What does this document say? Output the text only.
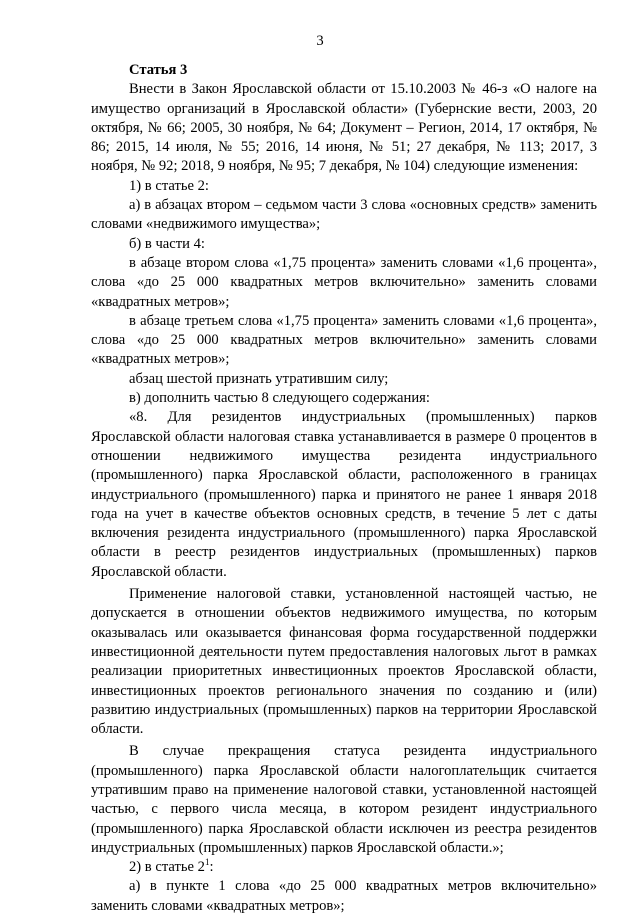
3

Статья 3

Внести в Закон Ярославской области от 15.10.2003 № 46-з «О налоге на имущество организаций в Ярославской области» (Губернские вести, 2003, 20 октября, № 66; 2005, 30 ноября, № 64; Документ – Регион, 2014, 17 октября, № 86; 2015, 14 июля, № 55; 2016, 14 июня, № 51; 27 декабря, № 113; 2017, 3 ноября, № 92; 2018, 9 ноября, № 95; 7 декабря, № 104) следующие изменения:

1) в статье 2:

а) в абзацах втором – седьмом части 3 слова «основных средств» заменить словами «недвижимого имущества»;

б) в части 4:

в абзаце втором слова «1,75 процента» заменить словами «1,6 процента», слова «до 25 000 квадратных метров включительно» заменить словами «квадратных метров»;

в абзаце третьем слова «1,75 процента» заменить словами «1,6 процента», слова «до 25 000 квадратных метров включительно» заменить словами «квадратных метров»;

абзац шестой признать утратившим силу;

в) дополнить частью 8 следующего содержания:

«8. Для резидентов индустриальных (промышленных) парков Ярославской области налоговая ставка устанавливается в размере 0 процентов в отношении недвижимого имущества резидента индустриального (промышленного) парка Ярославской области, расположенного в границах индустриального (промышленного) парка и принятого не ранее 1 января 2018 года на учет в качестве объектов основных средств, в течение 5 лет с даты включения резидента индустриального (промышленного) парка Ярославской области в реестр резидентов индустриальных (промышленных) парков Ярославской области.

Применение налоговой ставки, установленной настоящей частью, не допускается в отношении объектов недвижимого имущества, по которым оказывалась или оказывается финансовая форма государственной поддержки инвестиционной деятельности путем предоставления налоговых льгот в рамках реализации приоритетных инвестиционных проектов Ярославской области, инвестиционных проектов регионального значения по созданию и (или) развитию индустриальных (промышленных) парков на территории Ярославской области.

В случае прекращения статуса резидента индустриального (промышленного) парка Ярославской области налогоплательщик считается утратившим право на применение налоговой ставки, установленной настоящей частью, с первого числа месяца, в котором резидент индустриального (промышленного) парка Ярославской области исключен из реестра резидентов индустриальных (промышленных) парков Ярославской области.»;

2) в статье $2^1$:

а) в пункте 1 слова «до 25 000 квадратных метров включительно» заменить словами «квадратных метров»;
